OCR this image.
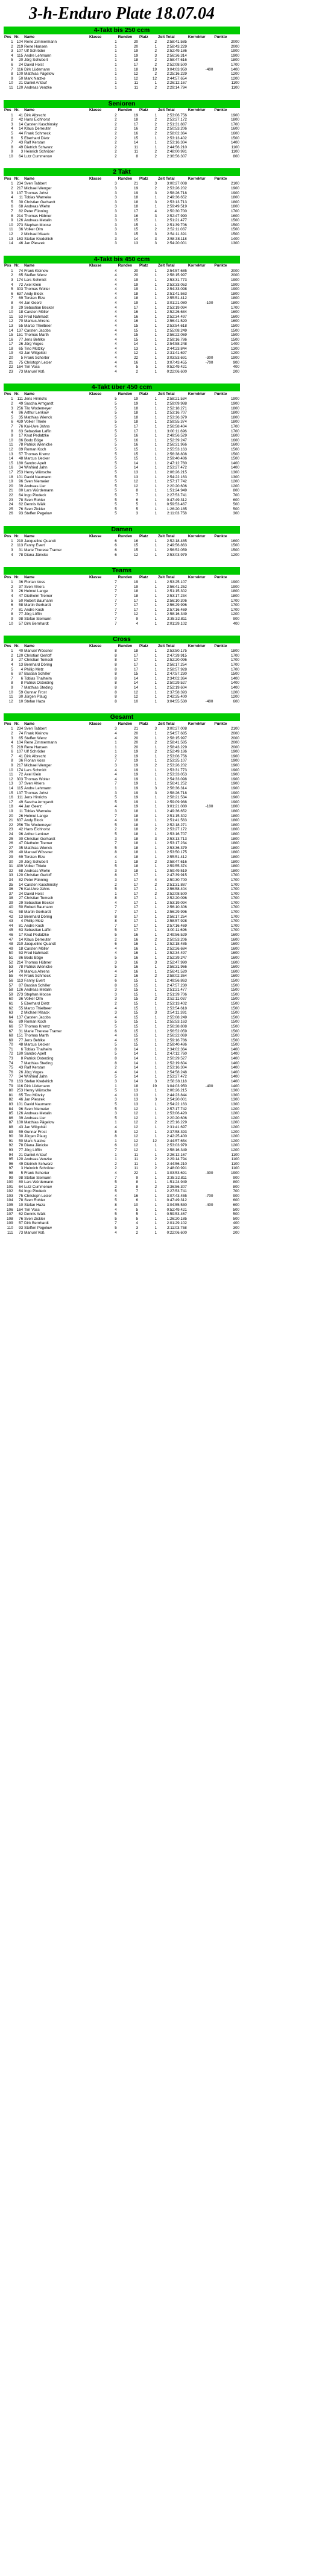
3-h-Enduro Plate 18.07.04
4-Takt bis 250 ccm
Pos	Nr.	Name	Klasse	Runden	Platz	Zeit Total	Korrektur	Punkte
1	104	Rene Zimmermann	1	20	2	2:58:41.585		2000
2	219	Rene Hansen	1	20	1	2:58:43.229		2000
3	107	Ulf Schröder	1	19	2	2:52:49.186		1900
4	115	Andre Lehmann	1	19	3	2:56:36.314		1900
5	20	Jörg Schubert	1	18	2	2:58:47.616		1800
6	24	David Holst	1	17	2	2:52:08.500		1700
7	116	Dirk Lüdemann	1	18	19	3:04:03.950	-400	1400
8	100	Matthias Pägelow	1	12	2	2:25:16.229		1200
9	50	Mark Natzke	1	12	12	2:44:57.654		1200
10	21	Daniel Antauf	1	11	1	2:26:12.167		1100
11	120	Andreas Venzke	1	11	2	2:29:14.794		1100
Senioren
Pos	Nr.	Name	Klasse	Runden	Platz	Zeit Total	Korrektur	Punkte
1	41	Dirk Albrecht	2	19	1	2:53:06.756		1900
2	42	Hans Eichhorst	2	18	2	2:53:27.172		1800
3	14	Carsten Kaschinsky	2	17	2	2:51:31.887		1700
4	14	Klaus Derreuter	2	16	2	2:50:53.206		1600
5	44	Frank Schmeck	2	16	2	2:58:02.364		1600
6	5	Eberhard Dietz	2	15	1	2:53:13.402		1500
7	43	Ralf Kerstan	2	14	1	2:53:16.304		1400
8	49	Dietrich Schwarz	2	11	1	2:44:56.210		1100
9	3	Heinrich Schröder	2	11	2	2:48:00.991		1100
10	64	Lutz Cummerow	2	8	2	2:36:56.307		800
2 Takt
Pos	Nr.	Name	Klasse	Runden	Platz	Zeit Total	Korrektur	Punkte
1	234	Sven Tabbert	3	21	3	3:00:27.008		2100
2	217	Michael Wenger	3	19	2	2:53:26.202		1900
3	137	Thomas Johst	3	19	3	2:58:26.718		1900
4	11	Tobias Warneke	3	18	1	2:49:36.652		1800
5	30	Christian Gerhardt	3	18	3	2:53:13.713		1800
6	68	Andreas Wiehn	3	18	1	2:59:49.519		1800
7	82	Peter Fünning	3	17	4	2:50:30.700		1700
8	214	Thomas Hübner	3	16	3	2:52:47.990		1600
9	126	Andreas Metalin	3	15	1	2:51:21.477		1500
10	273	Stephan Moose	3	15	1	2:51:39.706		1500
11	36	Volker Olm	3	15	2	2:52:11.037		1500
12	2	Michael Maack	3	15	3	2:54:11.391		1500
13	163	Stefan Kredeltich	3	14	3	2:58:38.118		1400
14	46	Jan Pieszek	3	13	3	2:54:20.001		1300
4-Takt bis 450 ccm
Pos	Nr.	Name	Klasse	Runden	Platz	Zeit Total	Korrektur	Punkte
1	74	Frank Kleinow	4	20	1	2:54:57.685		2000
2	65	Steffen Wenz	4	20	1	2:58:15.997		2000
3	174	Lars Schmidt	4	19	1	2:53:31.773		1900
4	72	Axel Klein	4	19	1	2:53:33.053		1900
5	303	Thomas Wolter	4	19	1	2:54:33.098		1900
6	637	Andy Block	4	18	1	2:51:41.563		1800
7	69	Torsten Elze	4	18	1	2:55:51.412		1800
8	44	Jan Geerz	4	19	1	3:01:21.080	-100	1800
9	29	Sebastian Becker	4	17	1	2:53:19.094		1700
10	18	Carsten Möller	4	16	1	2:52:26.684		1600
11	53	Fred Nahmadt	4	16	1	2:52:34.497		1600
12	70	Markus Ahrens	4	16	1	2:56:41.520		1600
13	55	Marco Thielbeer	4	15	1	2:53:54.618		1500
14	137	Carsten Jacobs	4	15	1	2:55:08.249		1500
15	151	Thomas Marth	4	15	1	2:56:22.069		1500
16	77	Jens Behlke	4	15	1	2:59:16.786		1500
17	26	Jörg Voges	4	14	1	2:54:58.248		1400
18	65	Tino Mützky	4	13	1	2:44:23.844		1300
19	43	Jan Wilgolski	4	12	1	2:31:41.697		1200
20	5	Frank Scherter	4	22	1	3:03:53.691	-300	1900
21	75	Christoph Lecler	4	16	1	3:07:43.455	-700	900
22	164	Tim Voss	4	5	1	0:52:49.421		400
23	73	Manuel Voß	4	2	1	0:22:06.600		200
4-Takt über 450 ccm
Pos	Nr.	Name	Klasse	Runden	Platz	Zeit Total	Korrektur	Punkte
1	111	Jens Hinrichs	5	19	1	2:58:21.534		1900
2	49	Sascha Armgardt	5	19	1	2:59:09.988		1900
3	256	Tilo Wodemeyer	5	18	1	2:52:18.271		1800
4	96	Arthur Lenkow	5	18	1	2:53:16.707		1800
5	35	Matthias Wienck	5	18	1	2:53:36.379		1800
6	439	Volker Thiele	5	18	1	2:59:55.374		1800
7	76	Kai-Uwe Jahns	5	17	1	2:56:58.404		1700
8	63	Sebastian Laffin	5	17	1	3:00:11.696		1700
9	17	Knut Pedatzke	5	16	1	2:49:56.529		1600
10	86	Bodo Böge	5	16	1	2:52:39.247		1600
11	78	Patrick Wienicke	5	16	1	2:56:31.966		1600
12	89	Roman Koch	5	15	1	2:55:53.163		1500
13	57	Thomas Kremz	5	15	1	2:56:38.808		1500
14	48	Marcus Uecker	5	15	1	2:59:40.486		1500
15	180	Sandro Apelt	5	14	1	2:47:12.760		1400
16	34	Winfried Jahn	5	14	1	2:53:27.472		1400
17	253	Henry Wünsche	5	13	1	2:06:26.215		1300
18	101	David Naumann	5	13	1	2:54:22.163		1300
19	96	Sven Niemeier	5	12	1	2:57:17.742		1200
20	39	Andreas Lier	5	12	1	2:20:20.606		1200
21	80	Lars Würdemann	5	8	1	1:51:24.949		800
22	64	Ingo Plodeck	5	7	1	2:27:53.741		700
23	78	Sven Rohler	5	6	1	0:47:49.312		600
24	62	Dennis Wälk	5	5	1	0:59:53.467		500
25	76	Sven Zickler	5	5	1	1:26:20.185		500
26	93	Steffen Pegelow	5	3	1	2:11:03.758		300
Damen
Pos	Nr.	Name	Klasse	Runden	Platz	Zeit Total	Korrektur	Punkte
1	210	Jacqueline Quandt	6	16	1	2:52:18.485		1600
2	113	Fanny Evert	6	15	1	2:49:56.863		1500
3	31	Marie Therese Tramer	6	15	1	2:56:52.059		1500
4	78	Diana Jänicke	6	12	1	2:53:03.979		1200
Teams
Pos	Nr.	Name	Klasse	Runden	Platz	Zeit Total	Korrektur	Punkte
1	36	Florian Voss	7	19	1	2:53:25.107		1900
2	37	Sven Ahlers	7	19	1	2:56:41.252		1900
3	26	Helmut Lange	7	18	1	2:51:15.302		1800
4	47	Diethelm Tremer	7	18	1	2:53:17.234		1800
5	50	Robert Baumann	7	17	1	2:56:10.306		1700
6	58	Martin Gerhardt	7	17	1	2:56:29.996		1700
7	81	Andre Koch	7	17	1	2:57:16.469		1700
8	77	Jörg Löffin	7	12	1	2:58:16.349		1200
9	98	Stefan Siemann	7	9	1	2:35:32.811		900
10	57	Dirk Bernhardt	7	4	1	2:01:29.102		400
Cross
Pos	Nr.	Name	Klasse	Runden	Platz	Zeit Total	Korrektur	Punkte
1	40	Manuel Wössner	8	18	1	2:53:50.175		1800
2	120	Christian Gerloff	8	17	1	2:47:39.915		1700
3	27	Christian Tomsch	8	17	1	2:52:20.096		1700
4	13	Bernhard Döring	8	17	1	2:56:17.254		1700
5	4	Phillip Metz	8	17	1	2:58:57.928		1700
6	87	Bastian Schiller	8	15	1	2:47:57.230		1500
7	6	Tobias Thalheim	8	14	1	2:34:02.364		1400
8	8	Patrick Osterding	8	14	1	2:50:29.527		1400
9	7	Matthias Steding	8	14	1	2:52:19.604		1400
10	59	Gunnar Frost	8	12	1	2:37:58.393		1200
11	30	Jürgen Pfaug	8	12	1	2:42:25.400		1200
12	10	Stefan Haza	8	10	1	3:04:55.530	-400	600
Gesamt
Pos	Nr.	Name	Klasse	Runden	Platz	Zeit Total	Korrektur	Punkte
1	234	Sven Tabbert	3	21	3	3:00:27.008		2100
2	74	Frank Kleinow	4	20	1	2:54:57.685		2000
3	65	Steffen Wenz	4	20	1	2:58:15.997		2000
4	104	Rene Zimmermann	1	20	2	2:58:41.585		2000
5	219	Rene Hansen	1	20	1	2:58:43.229		2000
6	107	Ulf Schröder	1	19	2	2:52:49.186		1900
7	41	Dirk Albrecht	2	19	1	2:53:06.756		1900
8	36	Florian Voss	7	19	1	2:53:25.107		1900
9	217	Michael Wenger	3	19	2	2:53:26.202		1900
10	174	Lars Schmidt	4	19	1	2:53:31.773		1900
11	72	Axel Klein	4	19	1	2:53:33.053		1900
12	303	Thomas Wolter	4	19	1	2:54:33.098		1900
13	37	Sven Ahlers	7	19	1	2:56:41.252		1900
14	115	Andre Lehmann	1	19	3	2:56:36.314		1900
15	137	Thomas Johst	3	19	3	2:58:26.718		1900
16	111	Jens Hinrichs	5	19	1	2:58:21.534		1900
17	49	Sascha Armgardt	5	19	1	2:59:09.988		1900
18	44	Jan Geerz	4	19	1	3:01:21.080	-100	1800
19	11	Tobias Warneke	3	18	1	2:49:36.652		1800
20	26	Helmut Lange	7	18	1	2:51:15.302		1800
21	637	Andy Block	4	18	1	2:51:41.563		1800
22	256	Tilo Wodemeyer	5	18	1	2:52:18.271		1800
23	42	Hans Eichhorst	2	18	2	2:53:27.172		1800
24	96	Arthur Lenkow	5	18	1	2:53:16.707		1800
25	30	Christian Gerhardt	3	18	3	2:53:13.713		1800
26	47	Diethelm Tremer	7	18	1	2:53:17.234		1800
27	35	Matthias Wienck	5	18	1	2:53:36.379		1800
28	40	Manuel Wössner	8	18	1	2:53:50.175		1800
29	69	Torsten Elze	4	18	1	2:55:51.412		1800
30	20	Jörg Schubert	1	18	2	2:58:47.616		1800
31	439	Volker Thiele	5	18	1	2:59:55.374		1800
32	68	Andreas Wiehn	3	18	1	2:59:49.519		1800
33	120	Christian Gerloff	8	17	1	2:47:39.915		1700
34	82	Peter Fünning	3	17	4	2:50:30.700		1700
35	14	Carsten Kaschinsky	2	17	2	2:51:31.887		1700
36	76	Kai-Uwe Jahns	5	17	1	2:56:58.404		1700
37	24	David Holst	1	17	2	2:52:08.500		1700
38	27	Christian Tomsch	8	17	1	2:52:20.096		1700
39	29	Sebastian Becker	4	17	1	2:53:19.094		1700
40	50	Robert Baumann	7	17	1	2:56:10.306		1700
41	58	Martin Gerhardt	7	17	1	2:56:29.996		1700
42	13	Bernhard Döring	8	17	1	2:56:17.254		1700
43	4	Phillip Metz	8	17	1	2:58:57.928		1700
44	81	Andre Koch	7	17	1	2:57:16.469		1700
45	63	Sebastian Laffin	5	17	1	3:00:11.696		1700
46	17	Knut Pedatzke	5	16	1	2:49:56.529		1600
47	14	Klaus Derreuter	2	16	2	2:50:53.206		1600
48	210	Jacqueline Quandt	6	16	1	2:52:18.485		1600
49	18	Carsten Möller	4	16	1	2:52:26.684		1600
50	53	Fred Nahmadt	4	16	1	2:52:34.497		1600
51	86	Bodo Böge	5	16	1	2:52:39.247		1600
52	214	Thomas Hübner	3	16	3	2:52:47.990		1600
53	78	Patrick Wienicke	5	16	1	2:56:31.966		1600
54	70	Markus Ahrens	4	16	1	2:56:41.520		1600
55	44	Frank Schmeck	2	16	2	2:58:02.364		1600
56	113	Fanny Evert	6	15	1	2:49:56.863		1500
57	87	Bastian Schiller	8	15	1	2:47:57.230		1500
58	126	Andreas Metalin	3	15	1	2:51:21.477		1500
59	273	Stephan Moose	3	15	1	2:51:39.706		1500
60	36	Volker Olm	3	15	2	2:52:11.037		1500
61	5	Eberhard Dietz	2	15	1	2:53:13.402		1500
62	55	Marco Thielbeer	4	15	1	2:53:54.618		1500
63	2	Michael Maack	3	15	3	2:54:11.391		1500
64	137	Carsten Jacobs	4	15	1	2:55:08.249		1500
65	89	Roman Koch	5	15	1	2:55:53.163		1500
66	57	Thomas Kremz	5	15	1	2:56:38.808		1500
67	31	Marie Therese Tramer	6	15	1	2:56:52.059		1500
68	151	Thomas Marth	4	15	1	2:56:22.069		1500
69	77	Jens Behlke	4	15	1	2:59:16.786		1500
70	48	Marcus Uecker	5	15	1	2:59:40.486		1500
71	6	Tobias Thalheim	8	14	1	2:34:02.364		1400
72	180	Sandro Apelt	5	14	1	2:47:12.760		1400
73	8	Patrick Osterding	8	14	1	2:50:29.527		1400
74	7	Matthias Steding	8	14	1	2:52:19.604		1400
75	43	Ralf Kerstan	2	14	1	2:53:16.304		1400
76	26	Jörg Voges	4	14	1	2:54:58.248		1400
77	34	Winfried Jahn	5	14	1	2:53:27.472		1400
78	163	Stefan Kredeltich	3	14	3	2:58:38.118		1400
79	116	Dirk Lüdemann	1	18	19	3:04:03.950	-400	1400
80	253	Henry Wünsche	5	13	1	2:06:26.215		1300
81	65	Tino Mützky	4	13	1	2:44:23.844		1300
82	46	Jan Pieszek	3	13	3	2:54:20.001		1300
83	101	David Naumann	5	13	1	2:54:22.163		1300
84	96	Sven Niemeier	5	12	1	2:57:17.742		1200
85	126	Andreas Metalin	3	12	1	2:53:06.420		1200
86	39	Andreas Lier	5	12	1	2:20:20.606		1200
87	100	Matthias Pägelow	1	12	2	2:25:16.229		1200
88	43	Jan Wilgolski	4	12	1	2:31:41.697		1200
89	59	Gunnar Frost	8	12	1	2:37:58.393		1200
90	30	Jürgen Pfaug	8	12	1	2:42:25.400		1200
91	50	Mark Natzke	1	12	12	2:44:57.654		1200
92	78	Diana Jänicke	6	12	1	2:53:03.979		1200
93	77	Jörg Löffin	7	12	1	2:58:16.349		1200
94	21	Daniel Antauf	1	11	1	2:26:12.167		1100
95	120	Andreas Venzke	1	11	2	2:29:14.794		1100
96	49	Dietrich Schwarz	2	11	1	2:44:56.210		1100
97	3	Heinrich Schröder	2	11	2	2:48:00.991		1100
98	5	Frank Scherter	4	22	1	3:03:53.691	-300	1900
99	98	Stefan Siemann	7	9	1	2:35:32.811		900
100	80	Lars Würdemann	5	8	1	1:51:24.949		800
101	64	Lutz Cummerow	2	8	2	2:36:56.307		800
102	64	Ingo Plodeck	5	7	1	2:27:53.741		700
103	75	Christoph Lecler	4	16	1	3:07:43.455	-700	900
104	78	Sven Rohler	5	6	1	0:47:49.312		600
105	10	Stefan Haza	8	10	1	3:04:55.530	-400	600
106	164	Tim Voss	4	5	1	0:52:49.421		500
107	62	Dennis Wälk	5	5	1	0:59:53.467		500
108	76	Sven Zickler	5	5	1	1:26:20.185		500
109	57	Dirk Bernhardt	7	4	1	2:01:29.102		400
110	93	Steffen Pegelow	5	3	1	2:11:03.758		300
111	73	Manuel Voß	4	2	1	0:22:06.600		200
